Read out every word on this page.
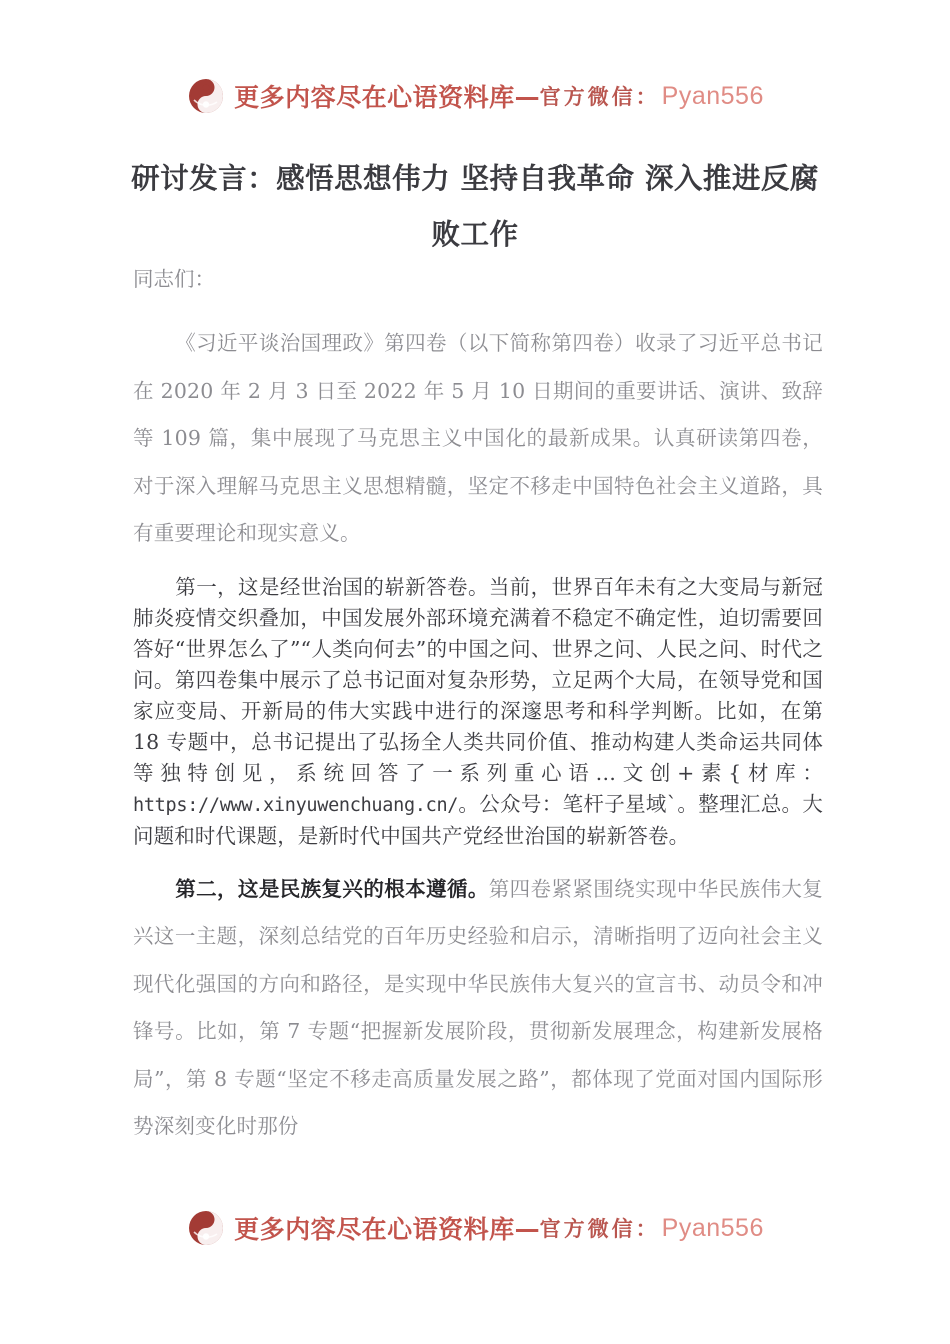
更多内容尽在心语资料库 — 官方微信： Pyan556
研讨发言：感悟思想伟力 坚持自我革命 深入推进反腐败工作

同志们：

《习近平谈治国理政》第四卷（以下简称第四卷）收录了习近平总书记在 2020 年 2 月 3 日至 2022 年 5 月 10 日期间的重要讲话、演讲、致辞等 109 篇，集中展现了马克思主义中国化的最新成果。认真研读第四卷，对于深入理解马克思主义思想精髓，坚定不移走中国特色社会主义道路，具有重要理论和现实意义。

第一，这是经世治国的崭新答卷。当前，世界百年未有之大变局与新冠肺炎疫情交织叠加，中国发展外部环境充满着不稳定不确定性，迫切需要回答好“世界怎么了”“人类向何去”的中国之问、世界之问、人民之问、时代之问。第四卷集中展示了总书记面对复杂形势，立足两个大局，在领导党和国家应变局、开新局的伟大实践中进行的深邃思考和科学判断。比如，在第 18 专题中，总书记提出了弘扬全人类共同价值、推动构建人类命运共同体等独特创见，系统回答了一系列重心语…文创+素{材库：https://www.xinyuwenchuang.cn/。公众号：笔杆子星域`。整理汇总。大问题和时代课题，是新时代中国共产党经世治国的崭新答卷。

第二，这是民族复兴的根本遵循。第四卷紧紧围绕实现中华民族伟大复兴这一主题，深刻总结党的百年历史经验和启示，清晰指明了迈向社会主义现代化强国的方向和路径，是实现中华民族伟大复兴的宣言书、动员令和冲锋号。比如，第 7 专题“把握新发展阶段，贯彻新发展理念，构建新发展格局”，第 8 专题“坚定不移走高质量发展之路”，都体现了党面对国内国际形势深刻变化时那份

更多内容尽在心语资料库 — 官方微信： Pyan556
